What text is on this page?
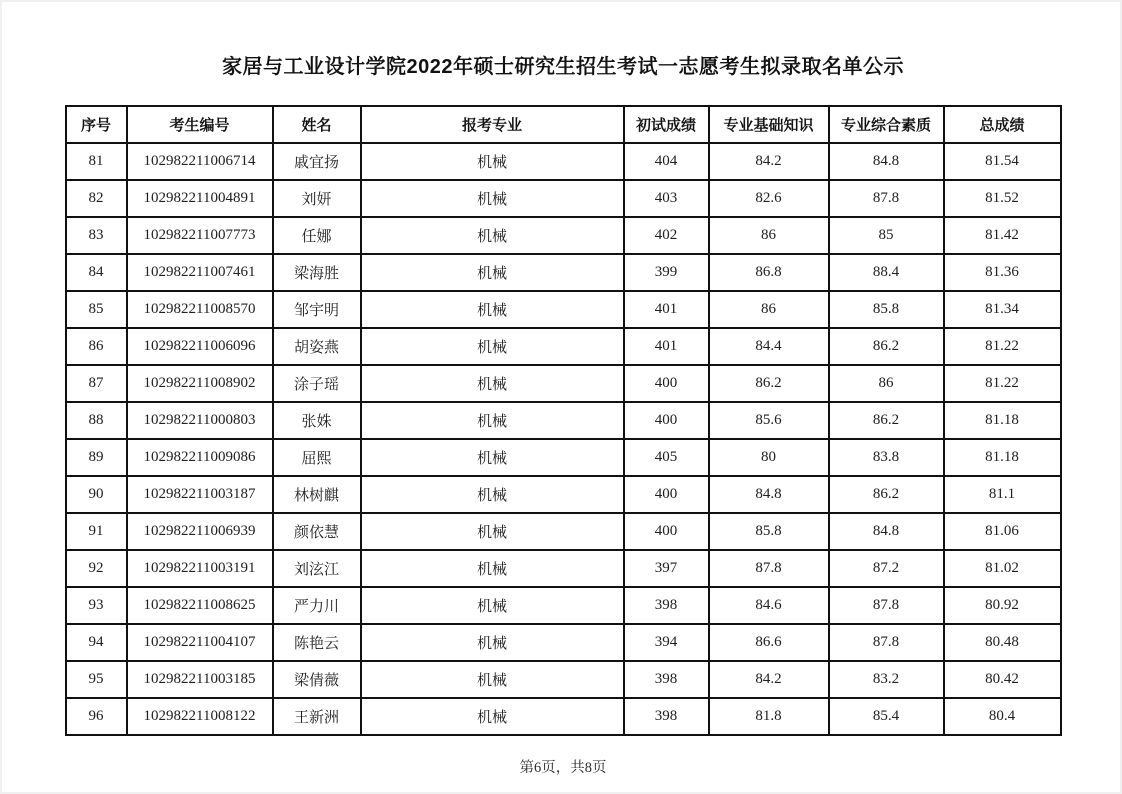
家居与工业设计学院2022年硕士研究生招生考试一志愿考生拟录取名单公示
序号	考生编号	姓名	报考专业	初试成绩	专业基础知识	专业综合素质	总成绩
81	102982211006714	戚宜扬	机械	404	84.2	84.8	81.54
82	102982211004891	刘妍	机械	403	82.6	87.8	81.52
83	102982211007773	任娜	机械	402	86	85	81.42
84	102982211007461	梁海胜	机械	399	86.8	88.4	81.36
85	102982211008570	邹宇明	机械	401	86	85.8	81.34
86	102982211006096	胡姿燕	机械	401	84.4	86.2	81.22
87	102982211008902	涂子瑶	机械	400	86.2	86	81.22
88	102982211000803	张姝	机械	400	85.6	86.2	81.18
89	102982211009086	屈熙	机械	405	80	83.8	81.18
90	102982211003187	林树麒	机械	400	84.8	86.2	81.1
91	102982211006939	颜依慧	机械	400	85.8	84.8	81.06
92	102982211003191	刘泫江	机械	397	87.8	87.2	81.02
93	102982211008625	严力川	机械	398	84.6	87.8	80.92
94	102982211004107	陈艳云	机械	394	86.6	87.8	80.48
95	102982211003185	梁倩薇	机械	398	84.2	83.2	80.42
96	102982211008122	王新洲	机械	398	81.8	85.4	80.4
第6页，共8页
